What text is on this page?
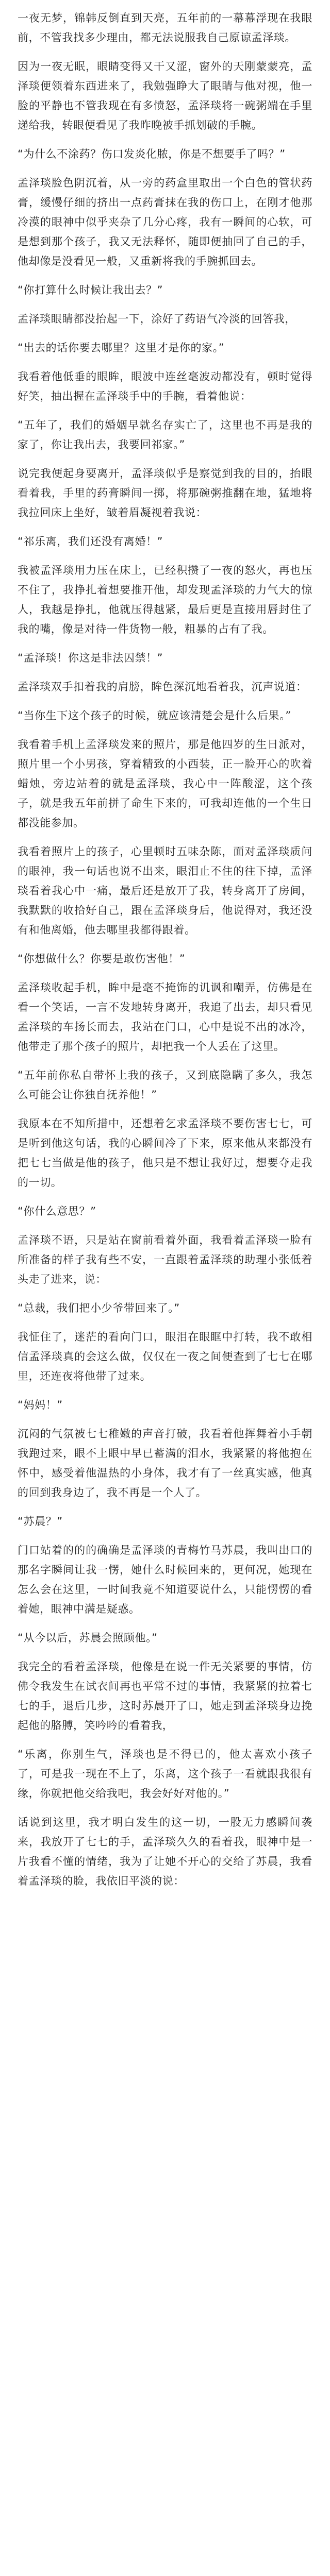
一夜无梦，锦韩反倒直到天亮，五年前的一幕幕浮现在我眼前，不管我找多少理由，都无法说服我自己原谅孟泽琰。

因为一夜无眠，眼睛变得又干又涩，窗外的天刚蒙蒙亮，孟泽琰便领着东西进来了，我勉强睁大了眼睛与他对视，他一脸的平静也不管我现在有多愤怒，孟泽琰将一碗粥端在手里递给我，转眼便看见了我昨晚被手抓划破的手腕。

“为什么不涂药？伤口发炎化脓，你是不想要手了吗？”

孟泽琰脸色阴沉着，从一旁的药盒里取出一个白色的管状药膏，缓慢仔细的挤出一点药膏抹在我的伤口上，在刚才他那冷漠的眼神中似乎夹杂了几分心疼，我有一瞬间的心软，可是想到那个孩子，我又无法释怀，随即便抽回了自己的手，他却像是没看见一般，又重新将我的手腕抓回去。

“你打算什么时候让我出去？”

孟泽琰眼睛都没抬起一下，涂好了药语气冷淡的回答我，

“出去的话你要去哪里？这里才是你的家。”

我看着他低垂的眼眸，眼波中连丝毫波动都没有，顿时觉得好笑，抽出握在孟泽琰手中的手腕，看着他说：

“五年了，我们的婚姻早就名存实亡了，这里也不再是我的家了，你让我出去，我要回祁家。”

说完我便起身要离开，孟泽琰似乎是察觉到我的目的，抬眼看着我，手里的药膏瞬间一掷，将那碗粥推翻在地，猛地将我拉回床上坐好，皱着眉凝视着我说：

“祁乐离，我们还没有离婚！”

我被孟泽琰用力压在床上，已经积攒了一夜的怒火，再也压不住了，我挣扎着想要推开他，却发现孟泽琰的力气大的惊人，我越是挣扎，他就压得越紧，最后更是直接用唇封住了我的嘴，像是对待一件货物一般，粗暴的占有了我。

“孟泽琰！你这是非法囚禁！”

孟泽琰双手扣着我的肩膀，眸色深沉地看着我，沉声说道：

“当你生下这个孩子的时候，就应该清楚会是什么后果。”

我看着手机上孟泽琰发来的照片，那是他四岁的生日派对，照片里一个小男孩，穿着精致的小西装，正一脸开心的吹着蜡烛，旁边站着的就是孟泽琰，我心中一阵酸涩，这个孩子，就是我五年前拼了命生下来的，可我却连他的一个生日都没能参加。

我看着照片上的孩子，心里顿时五味杂陈，面对孟泽琰质问的眼神，我一句话也说不出来，眼泪止不住的往下掉，孟泽琰看着我心中一痛，最后还是放开了我，转身离开了房间，我默默的收拾好自己，跟在孟泽琰身后，他说得对，我还没有和他离婚，他去哪里我都得跟着。

“你想做什么？你要是敢伤害他！”

孟泽琰收起手机，眸中是毫不掩饰的讥讽和嘲弄，仿佛是在看一个笑话，一言不发地转身离开，我追了出去，却只看见孟泽琰的车扬长而去，我站在门口，心中是说不出的冰冷，他带走了那个孩子的照片，却把我一个人丢在了这里。

“五年前你私自带怀上我的孩子，又到底隐瞒了多久，我怎么可能会让你独自抚养他！”

我原本在不知所措中，还想着乞求孟泽琰不要伤害七七，可是听到他这句话，我的心瞬间冷了下来，原来他从来都没有把七七当做是他的孩子，他只是不想让我好过，想要夺走我的一切。

“你什么意思？”

孟泽琰不语，只是站在窗前看着外面，我看着孟泽琰一脸有所准备的样子我有些不安，一直跟着孟泽琰的助理小张低着头走了进来，说：

“总裁，我们把小少爷带回来了。”

我怔住了，迷茫的看向门口，眼泪在眼眶中打转，我不敢相信孟泽琰真的会这么做，仅仅在一夜之间便查到了七七在哪里，还连夜将他带了过来。

“妈妈！”

沉闷的气氛被七七稚嫩的声音打破，我看着他挥舞着小手朝我跑过来，眼不上眼中早已蓄满的泪水，我紧紧的将他抱在怀中，感受着他温热的小身体，我才有了一丝真实感，他真的回到我身边了，我不再是一个人了。

“苏晨？”

门口站着的的的确确是孟泽琰的青梅竹马苏晨，我叫出口的那名字瞬间让我一愣，她什么时候回来的，更何况，她现在怎么会在这里，一时间我竟不知道要说什么，只能愣愣的看着她，眼神中满是疑惑。

“从今以后，苏晨会照顾他。”

我完全的看着孟泽琰，他像是在说一件无关紧要的事情，仿佛令我发生在试衣间再也平常不过的事情，我紧紧的拉着七七的手，退后几步，这时苏晨开了口，她走到孟泽琰身边挽起他的胳膊，笑吟吟的看着我，

“乐离，你别生气，泽琰也是不得已的，他太喜欢小孩子了，可是我一现在不上了，乐离，这个孩子一看就跟我很有缘，你就把他交给我吧，我会好好对他的。”

话说到这里，我才明白发生的这一切，一股无力感瞬间袭来，我放开了七七的手，孟泽琰久久的看着我，眼神中是一片我看不懂的情绪，我为了让她不开心的交给了苏晨，我看着孟泽琰的脸，我依旧平淡的说：
